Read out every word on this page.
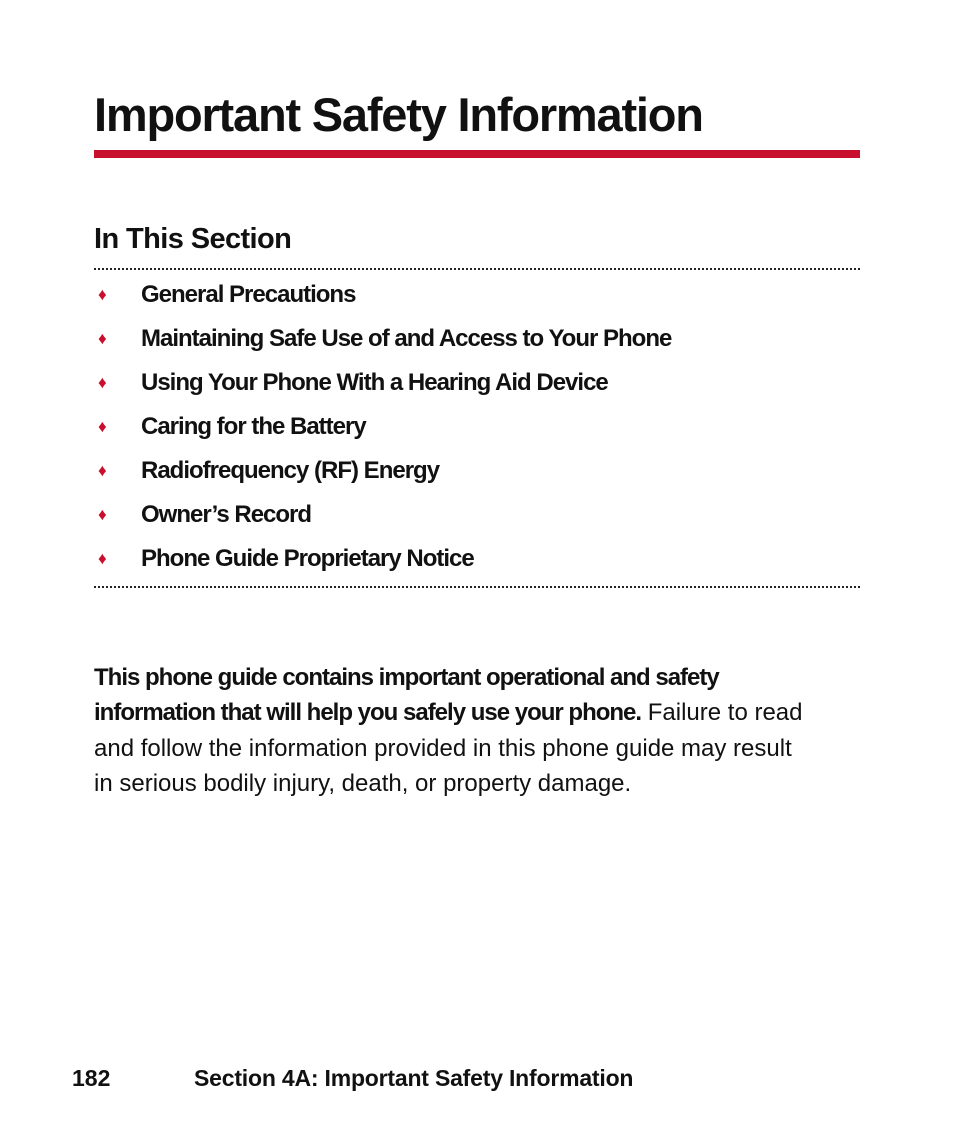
Important Safety Information
In This Section
♦ General Precautions
♦ Maintaining Safe Use of and Access to Your Phone
♦ Using Your Phone With a Hearing Aid Device
♦ Caring for the Battery
♦ Radiofrequency (RF) Energy
♦ Owner’s Record
♦ Phone Guide Proprietary Notice

This phone guide contains important operational and safety information that will help you safely use your phone. Failure to read and follow the information provided in this phone guide may result in serious bodily injury, death, or property damage.

182	Section 4A: Important Safety Information
